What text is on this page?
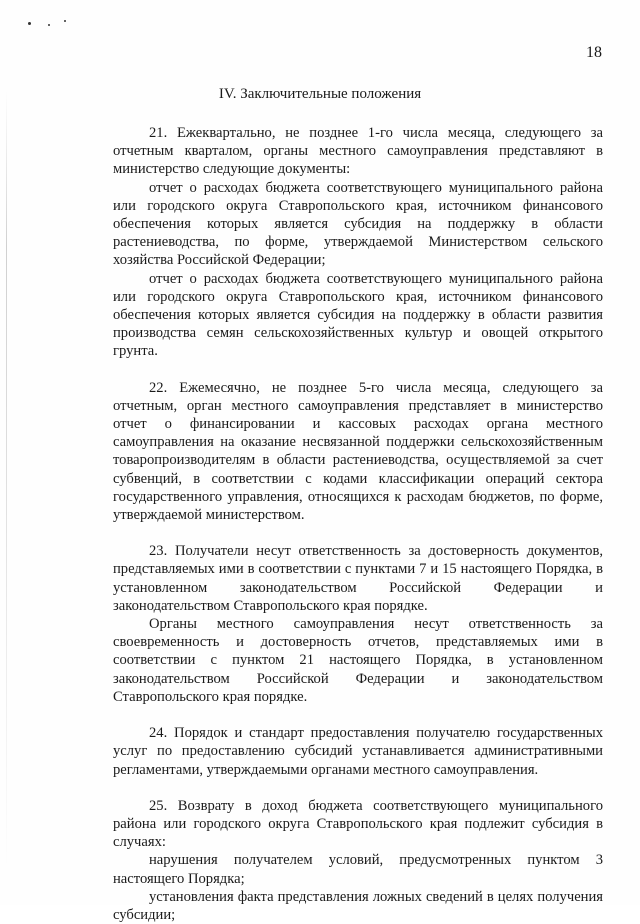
18
IV. Заключительные положения

21. Ежеквартально, не позднее 1-го числа месяца, следующего за отчетным кварталом, органы местного самоуправления представляют в министерство следующие документы:

отчет о расходах бюджета соответствующего муниципального района или городского округа Ставропольского края, источником финансового обеспечения которых является субсидия на поддержку в области растениеводства, по форме, утверждаемой Министерством сельского хозяйства Российской Федерации;

отчет о расходах бюджета соответствующего муниципального района или городского округа Ставропольского края, источником финансового обеспечения которых является субсидия на поддержку в области развития производства семян сельскохозяйственных культур и овощей открытого грунта.

22. Ежемесячно, не позднее 5-го числа месяца, следующего за отчетным, орган местного самоуправления представляет в министерство отчет о финансировании и кассовых расходах органа местного самоуправления на оказание несвязанной поддержки сельскохозяйственным товаропроизводителям в области растениеводства, осуществляемой за счет субвенций, в соответствии с кодами классификации операций сектора государственного управления, относящихся к расходам бюджетов, по форме, утверждаемой министерством.

23. Получатели несут ответственность за достоверность документов, представляемых ими в соответствии с пунктами 7 и 15 настоящего Порядка, в установленном законодательством Российской Федерации и законодательством Ставропольского края порядке.

Органы местного самоуправления несут ответственность за своевременность и достоверность отчетов, представляемых ими в соответствии с пунктом 21 настоящего Порядка, в установленном законодательством Российской Федерации и законодательством Ставропольского края порядке.

24. Порядок и стандарт предоставления получателю государственных услуг по предоставлению субсидий устанавливается административными регламентами, утверждаемыми органами местного самоуправления.

25. Возврату в доход бюджета соответствующего муниципального района или городского округа Ставропольского края подлежит субсидия в случаях:

нарушения получателем условий, предусмотренных пунктом 3 настоящего Порядка;

установления факта представления ложных сведений в целях получения субсидии;
